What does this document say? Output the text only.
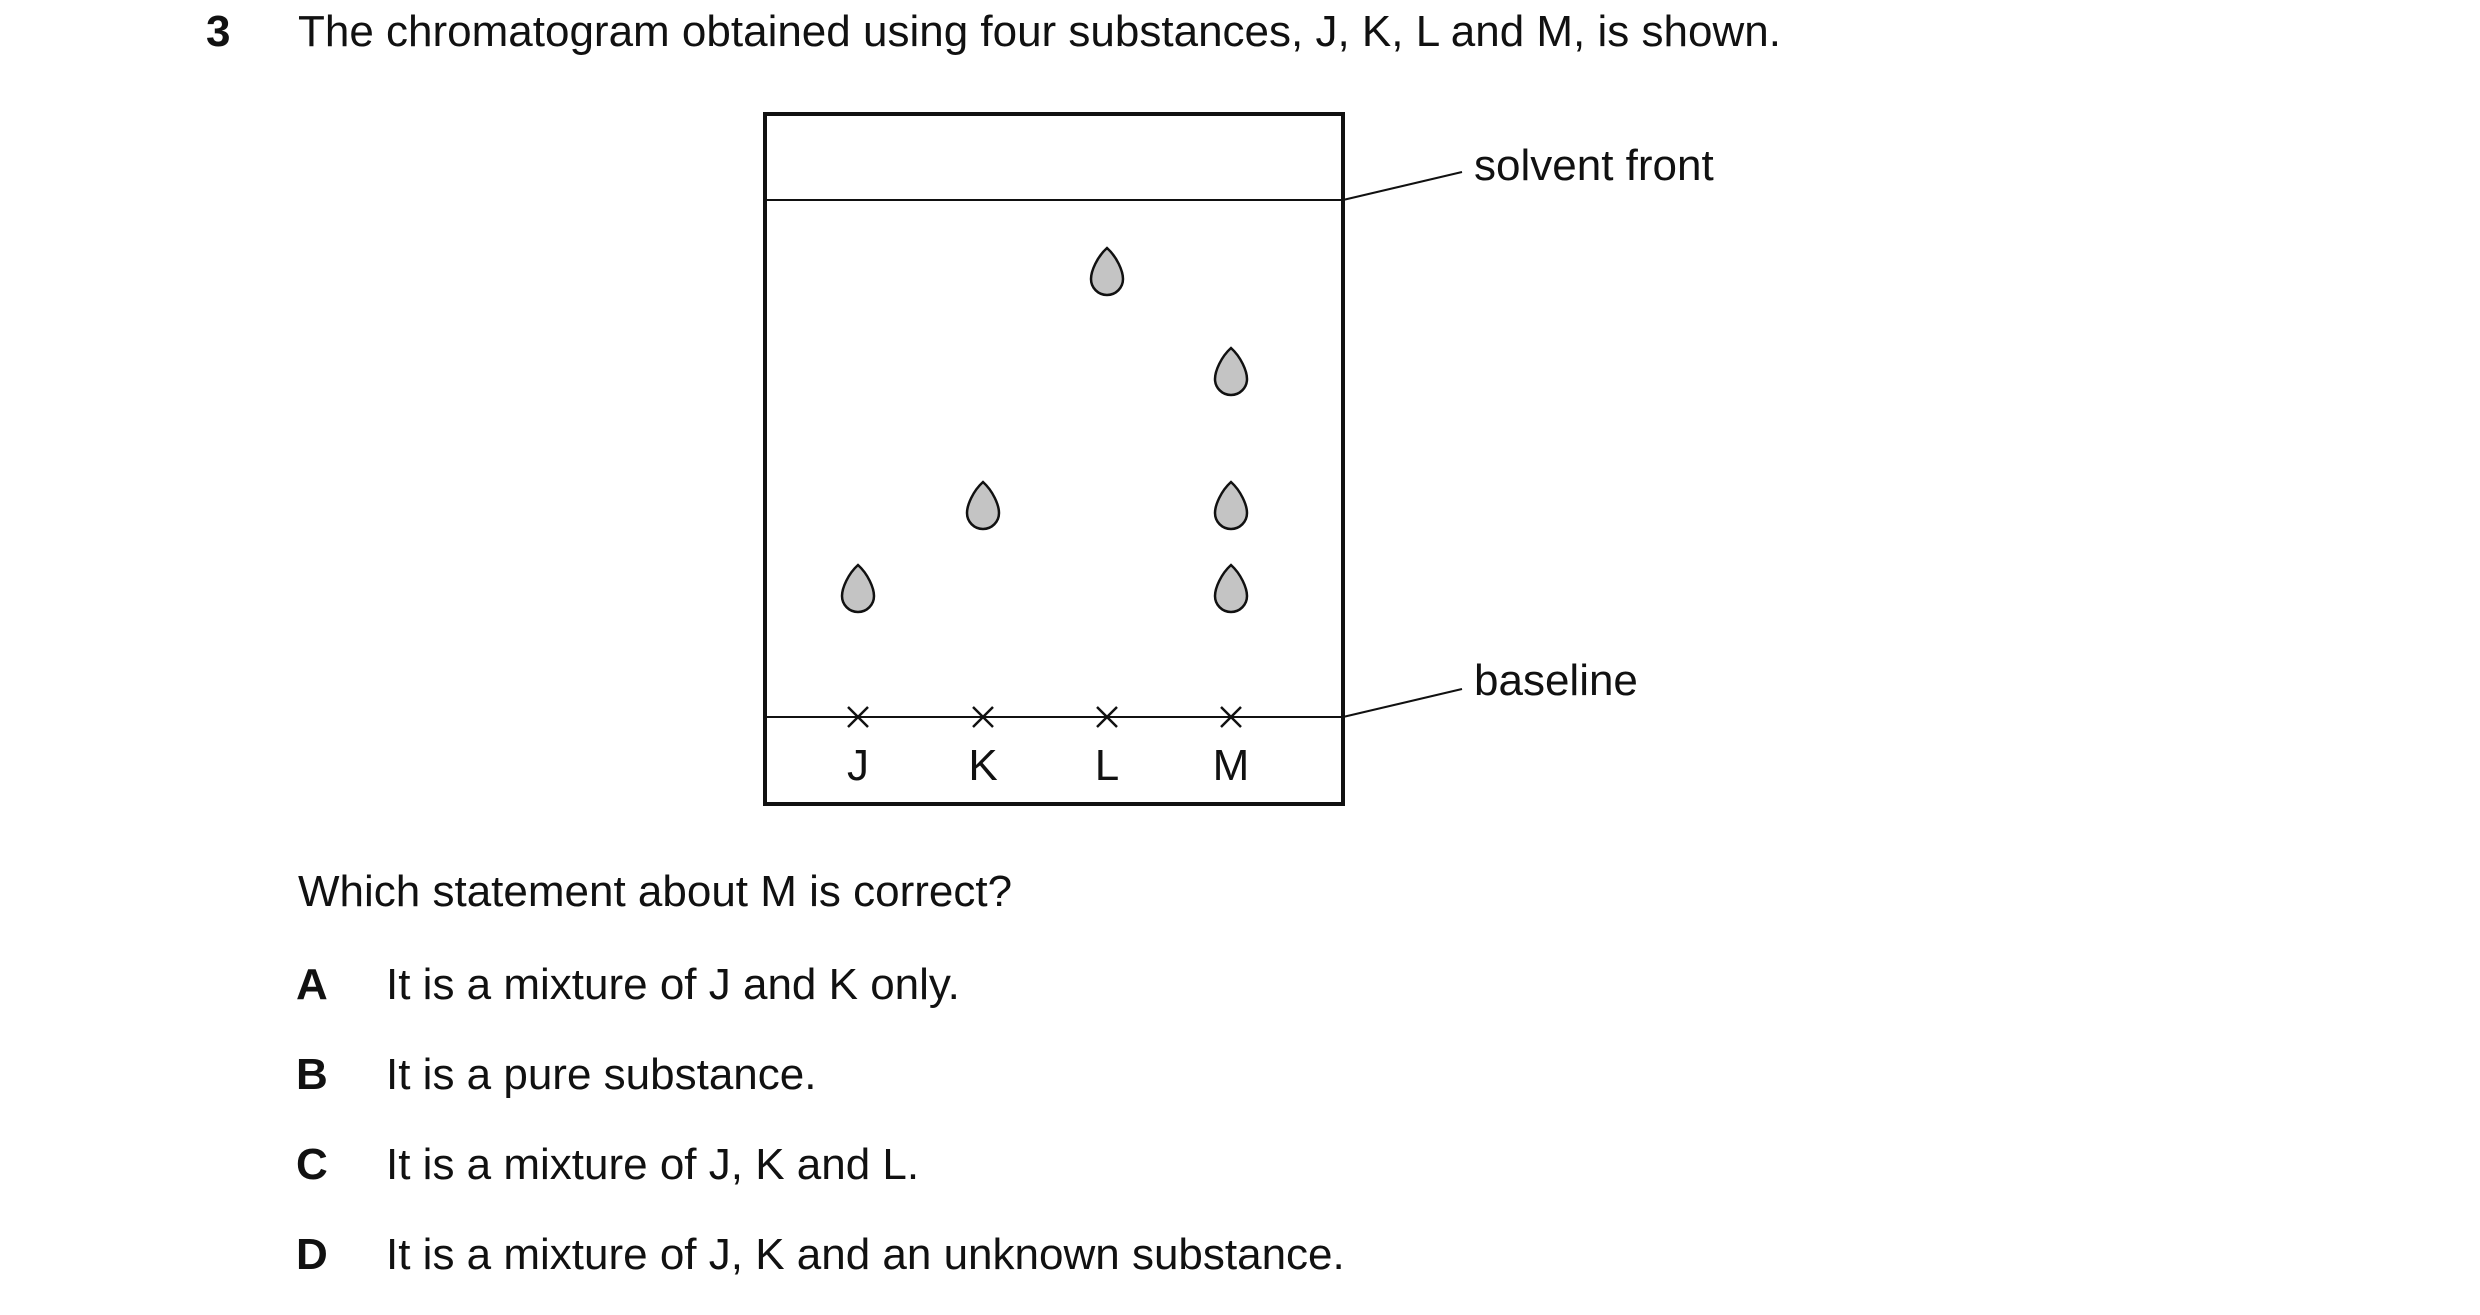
3 The chromatogram obtained using four substances, J, K, L and M, is shown.
solvent front
baseline
J K L M
Which statement about M is correct?
A	It is a mixture of J and K only.
B	It is a pure substance.
C	It is a mixture of J, K and L.
D	It is a mixture of J, K and an unknown substance.
